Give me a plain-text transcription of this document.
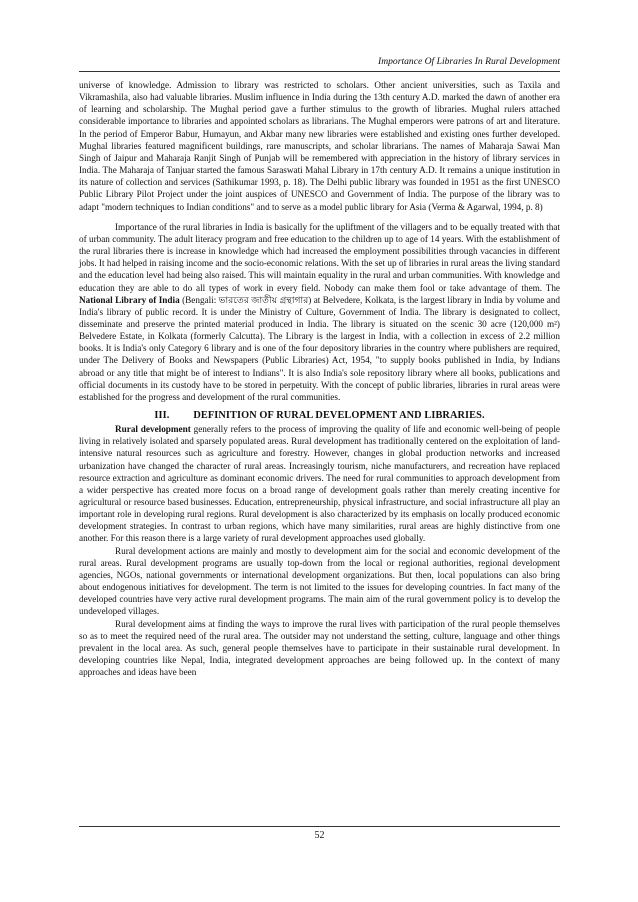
Importance Of Libraries In Rural Development

universe of knowledge. Admission to library was restricted to scholars. Other ancient universities, such as Taxila and Vikramashila, also had valuable libraries. Muslim influence in India during the 13th century A.D. marked the dawn of another era of learning and scholarship. The Mughal period gave a further stimulus to the growth of libraries. Mughal rulers attached considerable importance to libraries and appointed scholars as librarians. The Mughal emperors were patrons of art and literature. In the period of Emperor Babur, Humayun, and Akbar many new libraries were established and existing ones further developed. Mughal libraries featured magnificent buildings, rare manuscripts, and scholar librarians. The names of Maharaja Sawai Man Singh of Jaipur and Maharaja Ranjit Singh of Punjab will be remembered with appreciation in the history of library services in India. The Maharaja of Tanjuar started the famous Saraswati Mahal Library in 17th century A.D. It remains a unique institution in its nature of collection and services (Sathikumar 1993, p. 18). The Delhi public library was founded in 1951 as the first UNESCO Public Library Pilot Project under the joint auspices of UNESCO and Government of India. The purpose of the library was to adapt "modern techniques to Indian conditions" and to serve as a model public library for Asia (Verma & Agarwal, 1994, p. 8)

Importance of the rural libraries in India is basically for the upliftment of the villagers and to be equally treated with that of urban community. The adult literacy program and free education to the children up to age of 14 years. With the establishment of the rural libraries there is increase in knowledge which had increased the employment possibilities through vacancies in different jobs. It had helped in raising income and the socio-economic relations. With the set up of libraries in rural areas the living standard and the education level had being also raised. This will maintain equality in the rural and urban communities. With knowledge and education they are able to do all types of work in every field. Nobody can make them fool or take advantage of them. The National Library of India (Bengali: ভারতের জাতীয় গ্রন্থাগার) at Belvedere, Kolkata, is the largest library in India by volume and India's library of public record. It is under the Ministry of Culture, Government of India. The library is designated to collect, disseminate and preserve the printed material produced in India. The library is situated on the scenic 30 acre (120,000 m²) Belvedere Estate, in Kolkata (formerly Calcutta). The Library is the largest in India, with a collection in excess of 2.2 million books. It is India's only Category 6 library and is one of the four depository libraries in the country where publishers are required, under The Delivery of Books and Newspapers (Public Libraries) Act, 1954, "to supply books published in India, by Indians abroad or any title that might be of interest to Indians". It is also India's sole repository library where all books, publications and official documents in its custody have to be stored in perpetuity. With the concept of public libraries, libraries in rural areas were established for the progress and development of the rural communities.

III. DEFINITION OF RURAL DEVELOPMENT AND LIBRARIES.

Rural development generally refers to the process of improving the quality of life and economic well-being of people living in relatively isolated and sparsely populated areas. Rural development has traditionally centered on the exploitation of land-intensive natural resources such as agriculture and forestry. However, changes in global production networks and increased urbanization have changed the character of rural areas. Increasingly tourism, niche manufacturers, and recreation have replaced resource extraction and agriculture as dominant economic drivers. The need for rural communities to approach development from a wider perspective has created more focus on a broad range of development goals rather than merely creating incentive for agricultural or resource based businesses. Education, entrepreneurship, physical infrastructure, and social infrastructure all play an important role in developing rural regions. Rural development is also characterized by its emphasis on locally produced economic development strategies. In contrast to urban regions, which have many similarities, rural areas are highly distinctive from one another. For this reason there is a large variety of rural development approaches used globally.

Rural development actions are mainly and mostly to development aim for the social and economic development of the rural areas. Rural development programs are usually top-down from the local or regional authorities, regional development agencies, NGOs, national governments or international development organizations. But then, local populations can also bring about endogenous initiatives for development. The term is not limited to the issues for developing countries. In fact many of the developed countries have very active rural development programs. The main aim of the rural government policy is to develop the undeveloped villages.

Rural development aims at finding the ways to improve the rural lives with participation of the rural people themselves so as to meet the required need of the rural area. The outsider may not understand the setting, culture, language and other things prevalent in the local area. As such, general people themselves have to participate in their sustainable rural development. In developing countries like Nepal, India, integrated development approaches are being followed up. In the context of many approaches and ideas have been

52
